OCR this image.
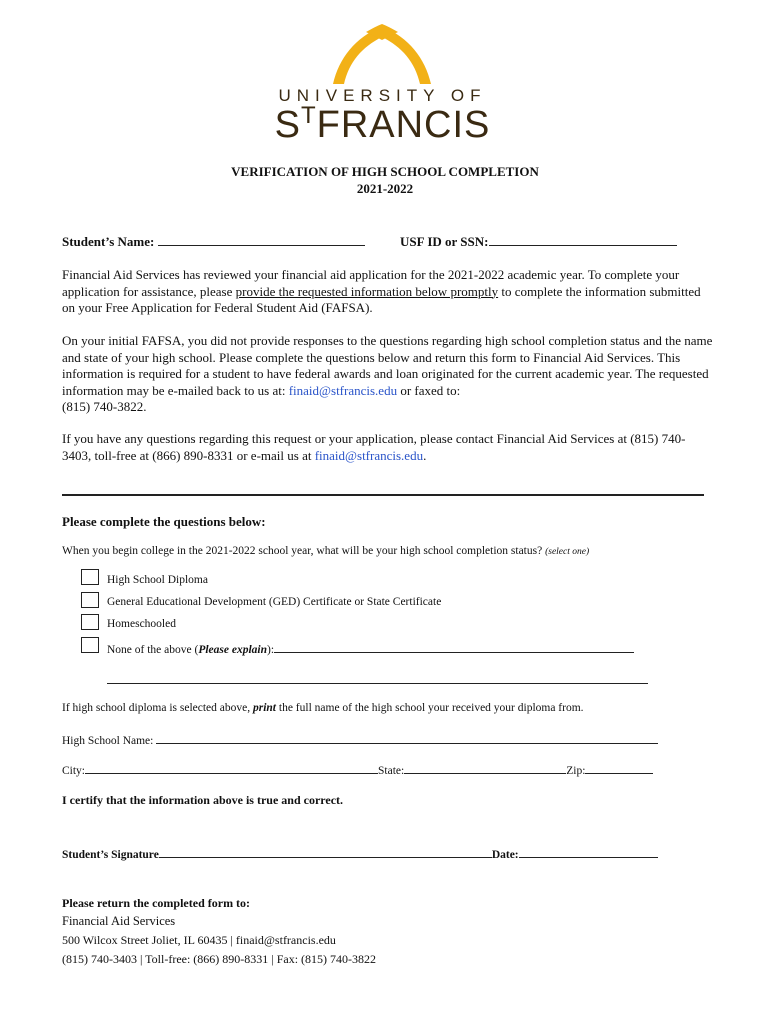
UNIVERSITY OF
$S^TFRANCIS$
VERIFICATION OF HIGH SCHOOL COMPLETION
2021-2022
Student’s Name:	USF ID or SSN:
Financial Aid Services has reviewed your financial aid application for the 2021-2022 academic year. To complete your application for assistance, please provide the requested information below promptly to complete the information submitted on your Free Application for Federal Student Aid (FAFSA).
On your initial FAFSA, you did not provide responses to the questions regarding high school completion status and the name and state of your high school. Please complete the questions below and return this form to Financial Aid Services. This information is required for a student to have federal awards and loan originated for the current academic year. The requested information may be e-mailed back to us at: finaid@stfrancis.edu or faxed to:
(815) 740-3822.
If you have any questions regarding this request or your application, please contact Financial Aid Services at (815) 740-3403, toll-free at (866) 890-8331 or e-mail us at finaid@stfrancis.edu.
Please complete the questions below:
When you begin college in the 2021-2022 school year, what will be your high school completion status? (select one)
High School Diploma
General Educational Development (GED) Certificate or State Certificate
Homeschooled
None of the above (Please explain):
If high school diploma is selected above, print the full name of the high school your received your diploma from.
High School Name:
City:	State:	Zip:
I certify that the information above is true and correct.
Student’s Signature	Date:
Please return the completed form to:
Financial Aid Services
500 Wilcox Street Joliet, IL 60435 | finaid@stfrancis.edu
(815) 740-3403 | Toll-free: (866) 890-8331 | Fax: (815) 740-3822
